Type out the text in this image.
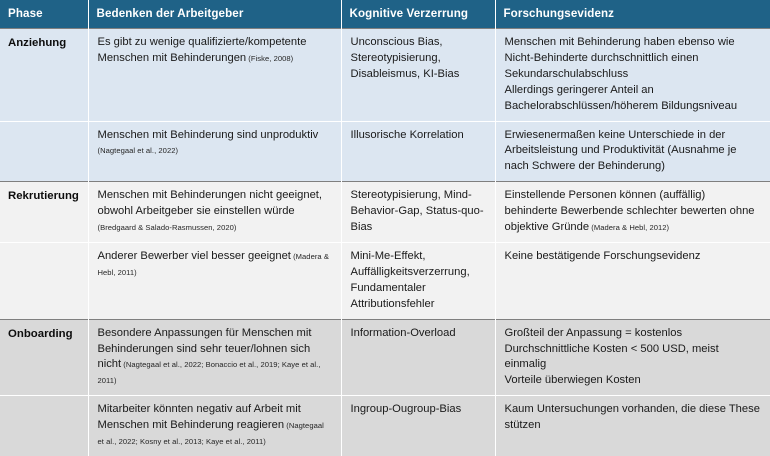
Phase	Bedenken der Arbeitgeber	Kognitive Verzerrung	Forschungsevidenz
Anziehung	Es gibt zu wenige qualifizierte/kompetente Menschen mit Behinderungen (Fiske, 2008)	Unconscious Bias, Stereotypisierung, Disableismus, KI-Bias	Menschen mit Behinderung haben ebenso wie Nicht-Behinderte durchschnittlich einen Sekundarschulabschluss
Allerdings geringerer Anteil an Bachelorabschlüssen/höherem Bildungsniveau
	Menschen mit Behinderung sind unproduktiv (Nagtegaal et al., 2022)	Illusorische Korrelation	Erwiesenermaßen keine Unterschiede in der Arbeitsleistung und Produktivität (Ausnahme je nach Schwere der Behinderung)
Rekrutierung	Menschen mit Behinderungen nicht geeignet, obwohl Arbeitgeber sie einstellen würde (Bredgaard & Salado-Rasmussen, 2020)	Stereotypisierung, Mind-Behavior-Gap, Status-quo-Bias	Einstellende Personen können (auffällig) behinderte Bewerbende schlechter bewerten ohne objektive Gründe (Madera & Hebl, 2012)
	Anderer Bewerber viel besser geeignet (Madera & Hebl, 2011)	Mini-Me-Effekt, Auffälligkeitsverzerrung, Fundamentaler Attributionsfehler	Keine bestätigende Forschungsevidenz
Onboarding	Besondere Anpassungen für Menschen mit Behinderungen sind sehr teuer/lohnen sich nicht (Nagtegaal et al., 2022; Bonaccio et al., 2019; Kaye et al., 2011)	Information-Overload	Großteil der Anpassung = kostenlos
Durchschnittliche Kosten < 500 USD, meist einmalig
Vorteile überwiegen Kosten
	Mitarbeiter könnten negativ auf Arbeit mit Menschen mit Behinderung reagieren (Nagtegaal et al., 2022; Kosny et al., 2013; Kaye et al., 2011)	Ingroup-Ougroup-Bias	Kaum Untersuchungen vorhanden, die diese These stützen
